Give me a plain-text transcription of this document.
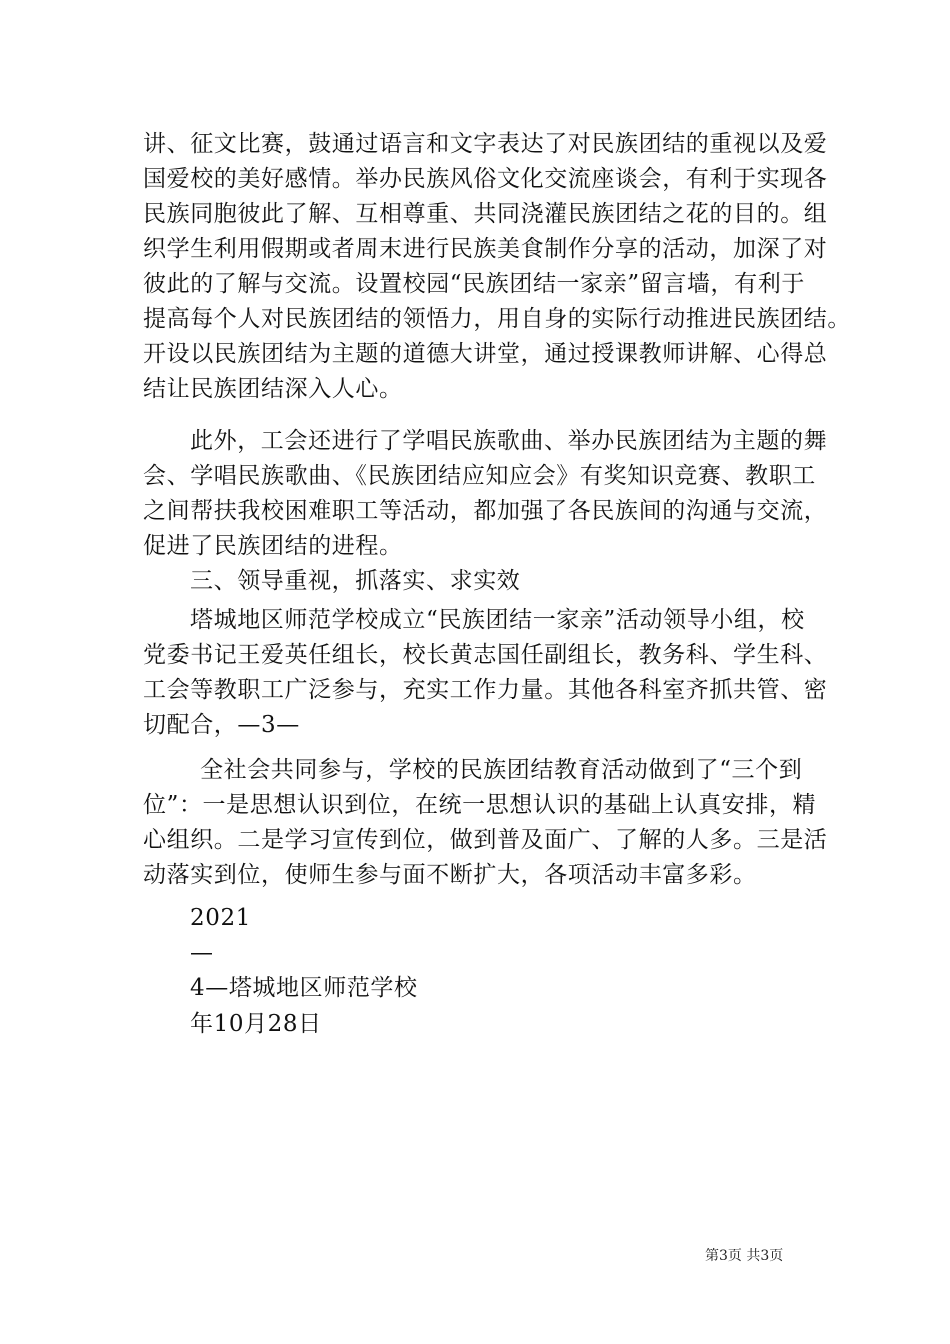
讲、征文比赛，鼓通过语言和文字表达了对民族团结的重视以及爱
国爱校的美好感情。举办民族风俗文化交流座谈会，有利于实现各
民族同胞彼此了解、互相尊重、共同浇灌民族团结之花的目的。组
织学生利用假期或者周末进行民族美食制作分享的活动，加深了对
彼此的了解与交流。设置校园“民族团结一家亲”留言墙，有利于
提高每个人对民族团结的领悟力，用自身的实际行动推进民族团结。
开设以民族团结为主题的道德大讲堂，通过授课教师讲解、心得总
结让民族团结深入人心。
此外，工会还进行了学唱民族歌曲、举办民族团结为主题的舞
会、学唱民族歌曲、《民族团结应知应会》有奖知识竞赛、教职工
之间帮扶我校困难职工等活动，都加强了各民族间的沟通与交流，
促进了民族团结的进程。
三、领导重视，抓落实、求实效
塔城地区师范学校成立“民族团结一家亲”活动领导小组，校
党委书记王爱英任组长，校长黄志国任副组长，教务科、学生科、
工会等教职工广泛参与，充实工作力量。其他各科室齐抓共管、密
切配合，—3—
全社会共同参与，学校的民族团结教育活动做到了“三个到
位”：一是思想认识到位，在统一思想认识的基础上认真安排，精
心组织。二是学习宣传到位，做到普及面广、了解的人多。三是活
动落实到位，使师生参与面不断扩大，各项活动丰富多彩。
2021
—
4—塔城地区师范学校
年10月28日
第3页 共3页
